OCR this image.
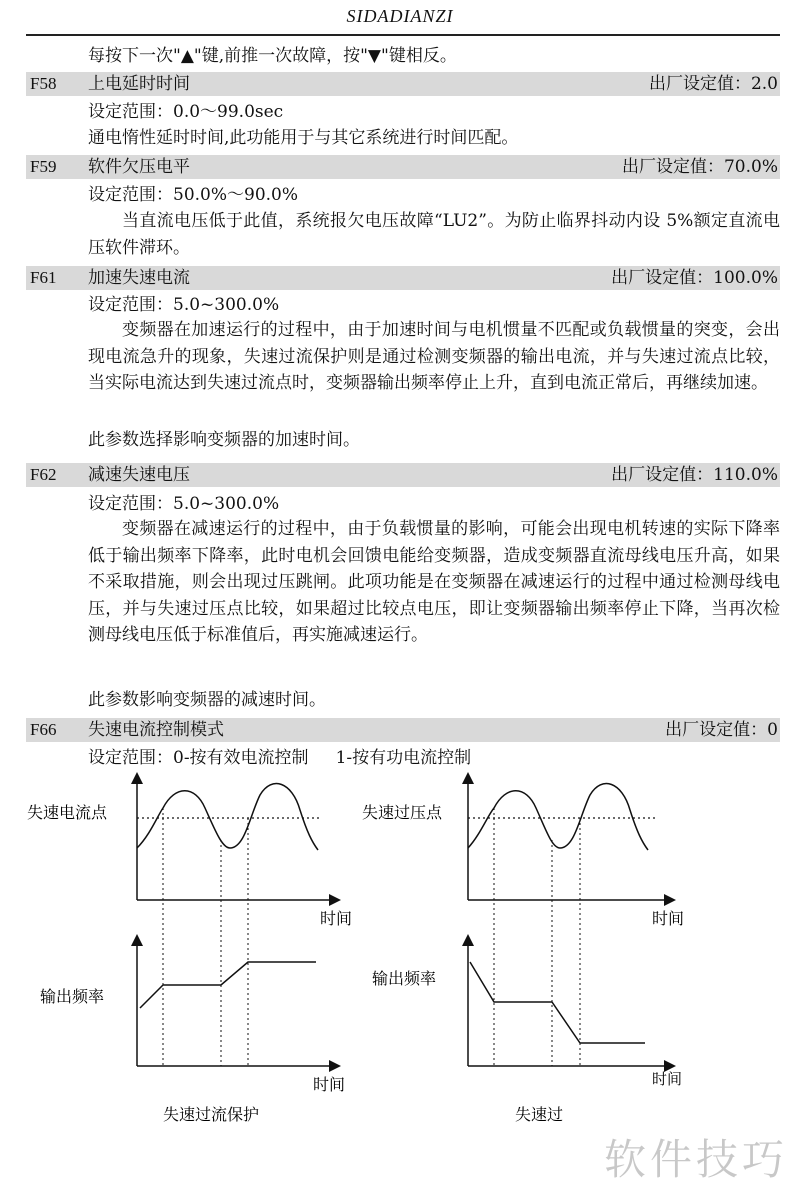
SIDADIANZI
每按下一次"▲"键,前推一次故障，按"▼"键相反。
F58 上电延时时间	出厂设定值：2.0
设定范围：0.0～99.0sec
通电惰性延时时间,此功能用于与其它系统进行时间匹配。
F59 软件欠压电平	出厂设定值：70.0%
设定范围：50.0%～90.0%
当直流电压低于此值，系统报欠电压故障“LU2”。为防止临界抖动内设 5%额定直流电压软件滞环。
F61 加速失速电流	出厂设定值：100.0%
设定范围：5.0~300.0%
变频器在加速运行的过程中，由于加速时间与电机惯量不匹配或负载惯量的突变，会出现电流急升的现象，失速过流保护则是通过检测变频器的输出电流，并与失速过流点比较，当实际电流达到失速过流点时，变频器输出频率停止上升，直到电流正常后，再继续加速。
此参数选择影响变频器的加速时间。
F62 减速失速电压	出厂设定值：110.0%
设定范围：5.0~300.0%
变频器在减速运行的过程中，由于负载惯量的影响，可能会出现电机转速的实际下降率低于输出频率下降率，此时电机会回馈电能给变频器，造成变频器直流母线电压升高，如果不采取措施，则会出现过压跳闸。此项功能是在变频器在减速运行的过程中通过检测母线电压，并与失速过压点比较，如果超过比较点电压，即让变频器输出频率停止下降，当再次检测母线电压低于标准值后，再实施减速运行。
此参数影响变频器的减速时间。
F66 失速电流控制模式	出厂设定值：0
设定范围：0-按有效电流控制     1-按有功电流控制
失速电流点
时间
输出频率
时间
失速过流保护
失速过压点
时间
输出频率
时间
失速过
软件技巧
